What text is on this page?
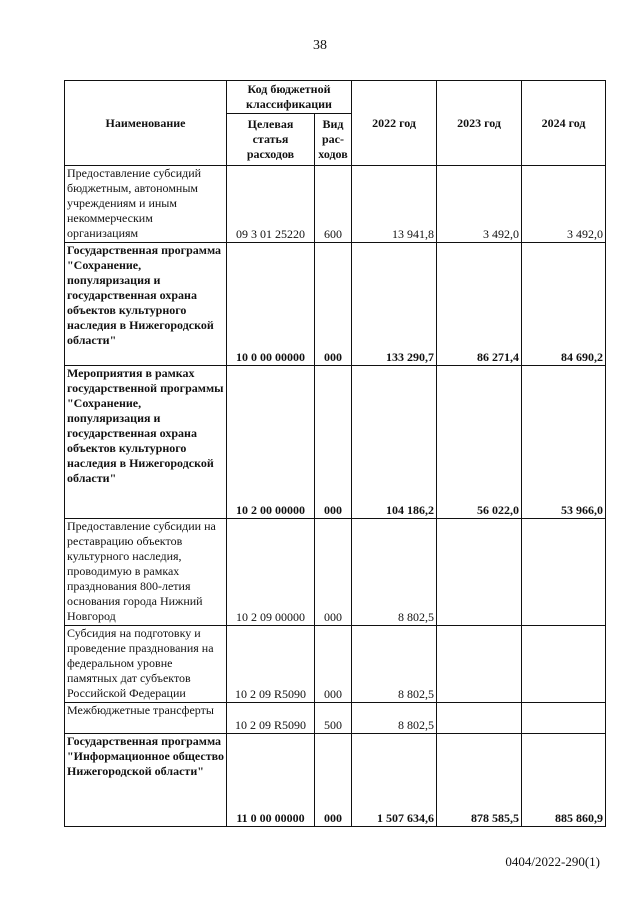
38
Наименование	Код бюджетной классификации		2022 год	2023 год	2024 год
	Целевая статья расходов	Вид рас-ходов			

Предоставление субсидий бюджетным, автономным учреждениям и иным некоммерческим организациям	09 3 01 25220	600	13 941,8	3 492,0	3 492,0

Государственная программа "Сохранение, популяризация и государственная охрана объектов культурного наследия в Нижегородской области"	10 0 00 00000	000	133 290,7	86 271,4	84 690,2

Мероприятия в рамках государственной программы "Сохранение, популяризация и государственная охрана объектов культурного наследия в Нижегородской области"	10 2 00 00000	000	104 186,2	56 022,0	53 966,0

Предоставление субсидии на реставрацию объектов культурного наследия, проводимую в рамках празднования 800-летия основания города Нижний Новгород	10 2 09 00000	000	8 802,5		

Субсидия на подготовку и проведение празднования на федеральном уровне памятных дат субъектов Российской Федерации	10 2 09 R5090	000	8 802,5		

Межбюджетные трансферты	10 2 09 R5090	500	8 802,5		

Государственная программа "Информационное общество Нижегородской области"	11 0 00 00000	000	1 507 634,6	878 585,5	885 860,9
0404/2022-290(1)
